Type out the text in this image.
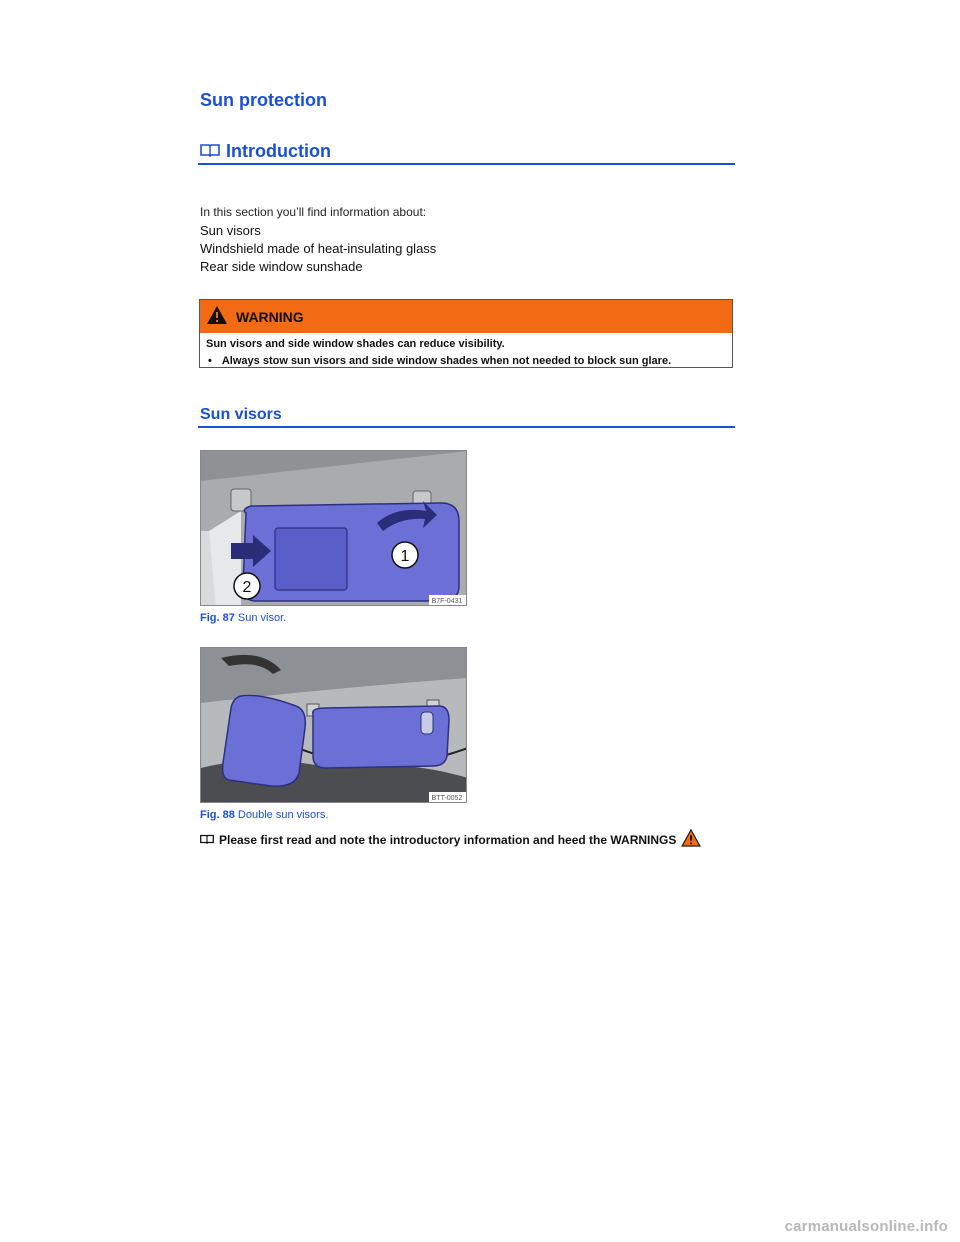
Sun protection
Introduction
In this section you’ll find information about:
Sun visors
Windshield made of heat-insulating glass
Rear side window sunshade
WARNING
Sun visors and side window shades can reduce visibility.
• Always stow sun visors and side window shades when not needed to block sun glare.
Sun visors
1
2
B7F-0431
Fig. 87 Sun visor.
BTT-0052
Fig. 88 Double sun visors.
Please first read and note the introductory information and heed the WARNINGS
carmanualsonline.info
